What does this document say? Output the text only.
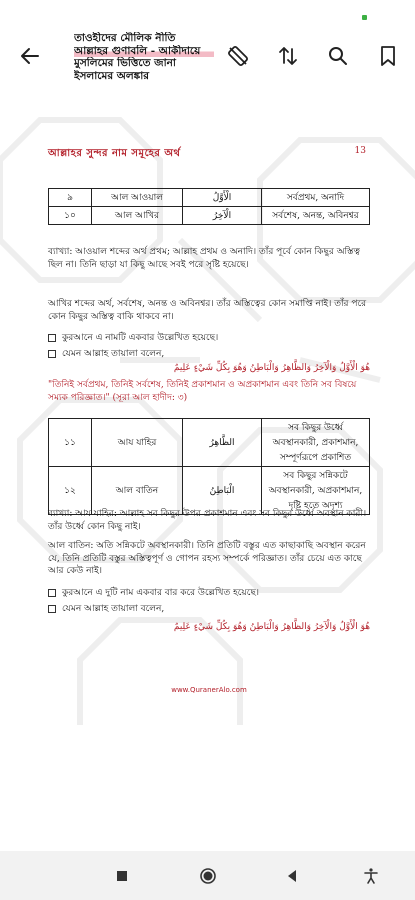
তাওহীদের মৌলিক নীতি
আল্লাহর গুণাবলি - আকীদায়ে
মুসলিমের ভিত্তিতে জানা
ইসলামের অলঙ্কার
আল্লাহর সুন্দর নাম সমূহের অর্থ	13
৯	আল আওয়াল	الْأَوَّلُ	সর্বপ্রথম, অনাদি
১০	আল আখির	الْآخِرُ	সর্বশেষ, অনন্ত, অবিনশ্বর
ব্যাখ্যা: আওয়াল শব্দের অর্থ প্রথম; আল্লাহ প্রথম ও অনাদি। তাঁর পূর্বে কোন কিছুর অস্তিত্ব ছিল না। তিনি ছাড়া যা কিছু আছে সবই পরে সৃষ্টি হয়েছে।
আখির শব্দের অর্থ, সর্বশেষ, অনন্ত ও অবিনশ্বর। তাঁর অস্তিত্বের কোন সমাপ্তি নাই। তাঁর পরে কোন কিছুর অস্তিত্ব বাকি থাকবে না।
কুরআনে এ নামটি একবার উল্লেখিত হয়েছে।
যেমন আল্লাহ তায়ালা বলেন,
هُوَ الْأَوَّلُ وَالْآخِرُ وَالظَّاهِرُ وَالْبَاطِنُ وَهُوَ بِكُلِّ شَيْءٍ عَلِيمٌ
"তিনিই সর্বপ্রথম, তিনিই সর্বশেষ, তিনিই প্রকাশমান ও অপ্রকাশমান এবং তিনি সব বিষয়ে সম্যক পরিজ্ঞাত।" (সূরা আল হাদীদ: ৩)
১১	আয যাহির	الظَّاهِرُ	সব কিছুর উর্ধ্বে অবস্থানকারী, প্রকাশমান, সম্পূর্ণরূপে প্রকাশিত
১২	আল বাতিন	الْبَاطِنُ	সব কিছুর সন্নিকটে অবস্থানকারী, অপ্রকাশমান, দৃষ্টি হতে অদৃশ্য
ব্যাখ্যা: আয যাহির: আল্লাহ সব কিছুর উপর প্রকাশমান এবং সব কিছুর উর্ধ্বে অবস্থান কারী। তাঁর উর্ধ্বে কোন কিছু নাই।
আল বাতিন: অতি সন্নিকটে অবস্থানকারী। তিনি প্রতিটি বস্তুর এত কাছাকাছি অবস্থান করেন যে, তিনি প্রতিটি বস্তুর অস্তিত্বপূর্ণ ও গোপন রহস্য সম্পর্কে পরিজ্ঞাত। তাঁর চেয়ে এত কাছে আর কেউ নাই।
কুরআনে এ দুটি নাম একবার বার করে উল্লেখিত হয়েছে।
যেমন আল্লাহ তায়ালা বলেন,
هُوَ الْأَوَّلُ وَالْآخِرُ وَالظَّاهِرُ وَالْبَاطِنُ وَهُوَ بِكُلِّ شَيْءٍ عَلِيمٌ
www.QuranerAlo.com
